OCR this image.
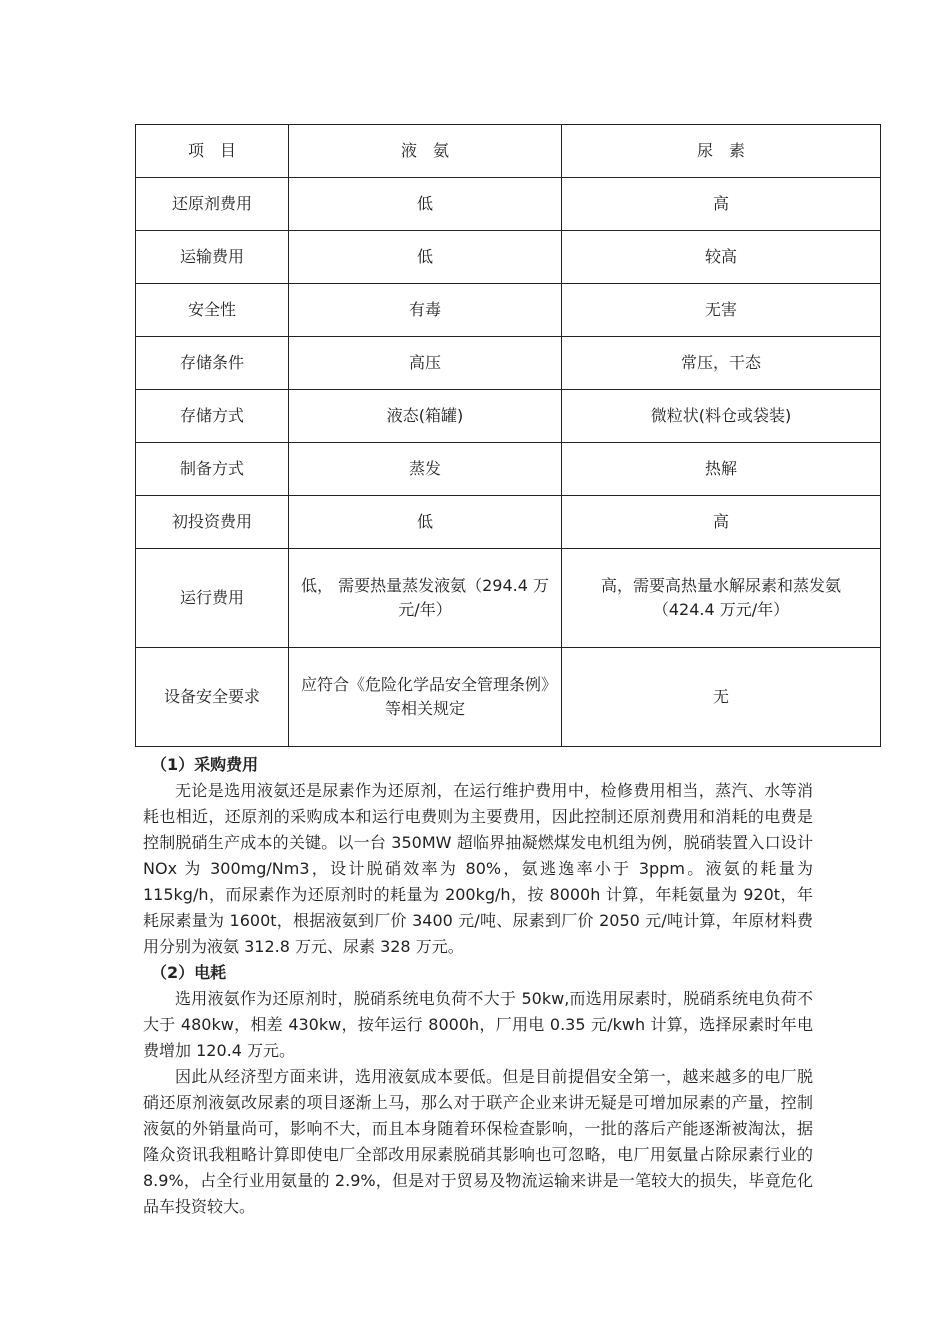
项　目	液　氨	尿　素
还原剂费用	低	高
运输费用	低	较高
安全性	有毒	无害
存储条件	高压	常压，干态
存储方式	液态(箱罐)	微粒状(料仓或袋装)
制备方式	蒸发	热解
初投资费用	低	高
运行费用	低， 需要热量蒸发液氨（294.4 万元/年）	高，需要高热量水解尿素和蒸发氨（424.4 万元/年）
设备安全要求	应符合《危险化学品安全管理条例》等相关规定	无
（1）采购费用

无论是选用液氨还是尿素作为还原剂，在运行维护费用中，检修费用相当，蒸汽、水等消耗也相近，还原剂的采购成本和运行电费则为主要费用，因此控制还原剂费用和消耗的电费是控制脱硝生产成本的关键。以一台 350MW 超临界抽凝燃煤发电机组为例，脱硝装置入口设计 NOx 为 300mg/Nm3，设计脱硝效率为 80%，氨逃逸率小于 3ppm。液氨的耗量为 115kg/h，而尿素作为还原剂时的耗量为 200kg/h，按 8000h 计算，年耗氨量为 920t，年耗尿素量为 1600t，根据液氨到厂价 3400 元/吨、尿素到厂价 2050 元/吨计算，年原材料费用分别为液氨 312.8 万元、尿素 328 万元。

（2）电耗

选用液氨作为还原剂时，脱硝系统电负荷不大于 50kw,而选用尿素时，脱硝系统电负荷不大于 480kw，相差 430kw，按年运行 8000h，厂用电 0.35 元/kwh 计算，选择尿素时年电费增加 120.4 万元。

因此从经济型方面来讲，选用液氨成本要低。但是目前提倡安全第一，越来越多的电厂脱硝还原剂液氨改尿素的项目逐渐上马，那么对于联产企业来讲无疑是可增加尿素的产量，控制液氨的外销量尚可，影响不大，而且本身随着环保检查影响，一批的落后产能逐渐被淘汰，据隆众资讯我粗略计算即使电厂全部改用尿素脱硝其影响也可忽略，电厂用氨量占除尿素行业的 8.9%，占全行业用氨量的 2.9%，但是对于贸易及物流运输来讲是一笔较大的损失，毕竟危化品车投资较大。
